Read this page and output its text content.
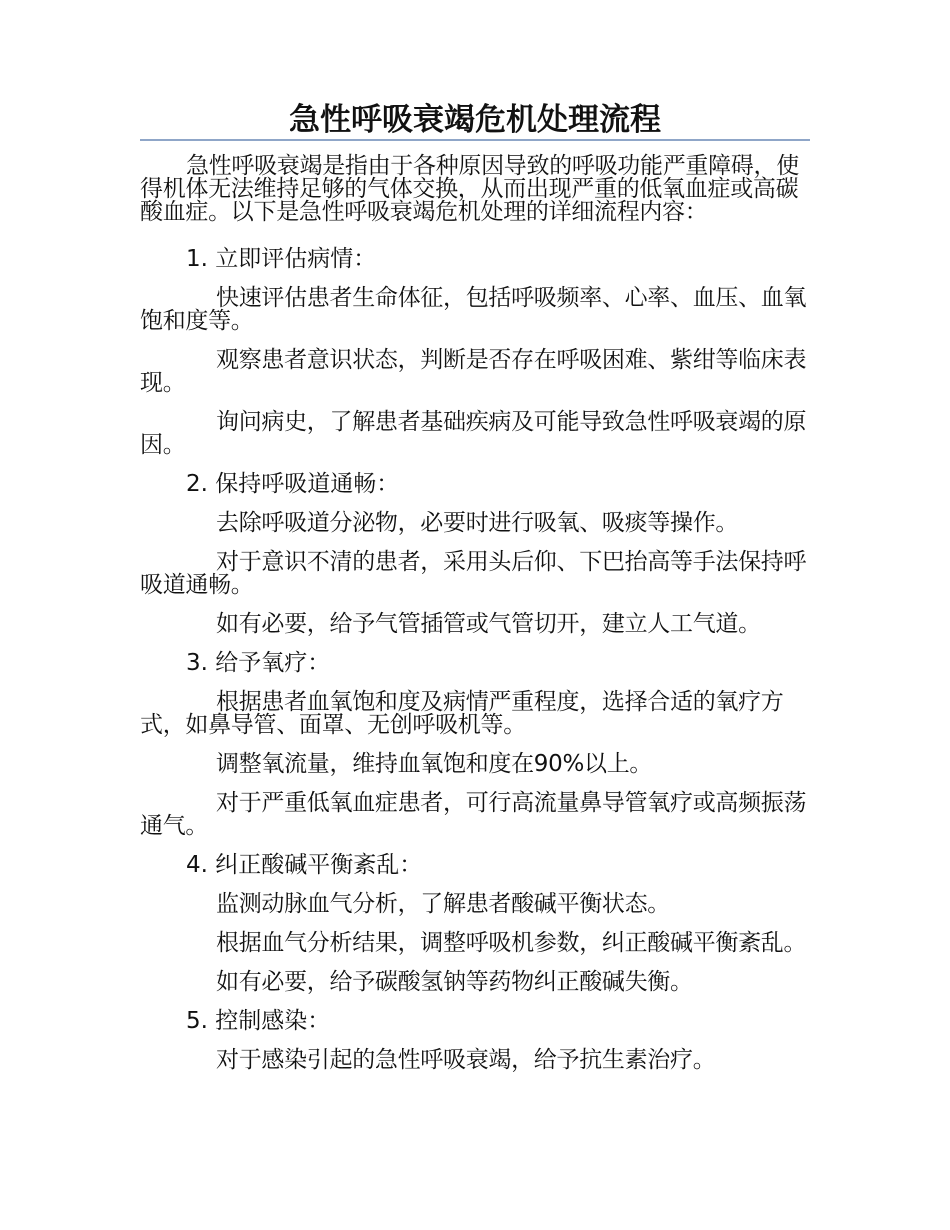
急性呼吸衰竭危机处理流程

急性呼吸衰竭是指由于各种原因导致的呼吸功能严重障碍，使得机体无法维持足够的气体交换，从而出现严重的低氧血症或高碳酸血症。以下是急性呼吸衰竭危机处理的详细流程内容：

1. 立即评估病情：

快速评估患者生命体征，包括呼吸频率、心率、血压、血氧饱和度等。

观察患者意识状态，判断是否存在呼吸困难、紫绀等临床表现。

询问病史，了解患者基础疾病及可能导致急性呼吸衰竭的原因。

2. 保持呼吸道通畅：

去除呼吸道分泌物，必要时进行吸氧、吸痰等操作。

对于意识不清的患者，采用头后仰、下巴抬高等手法保持呼吸道通畅。

如有必要，给予气管插管或气管切开，建立人工气道。

3. 给予氧疗：

根据患者血氧饱和度及病情严重程度，选择合适的氧疗方式，如鼻导管、面罩、无创呼吸机等。

调整氧流量，维持血氧饱和度在90%以上。

对于严重低氧血症患者，可行高流量鼻导管氧疗或高频振荡通气。

4. 纠正酸碱平衡紊乱：

监测动脉血气分析，了解患者酸碱平衡状态。

根据血气分析结果，调整呼吸机参数，纠正酸碱平衡紊乱。

如有必要，给予碳酸氢钠等药物纠正酸碱失衡。

5. 控制感染：

对于感染引起的急性呼吸衰竭，给予抗生素治疗。
